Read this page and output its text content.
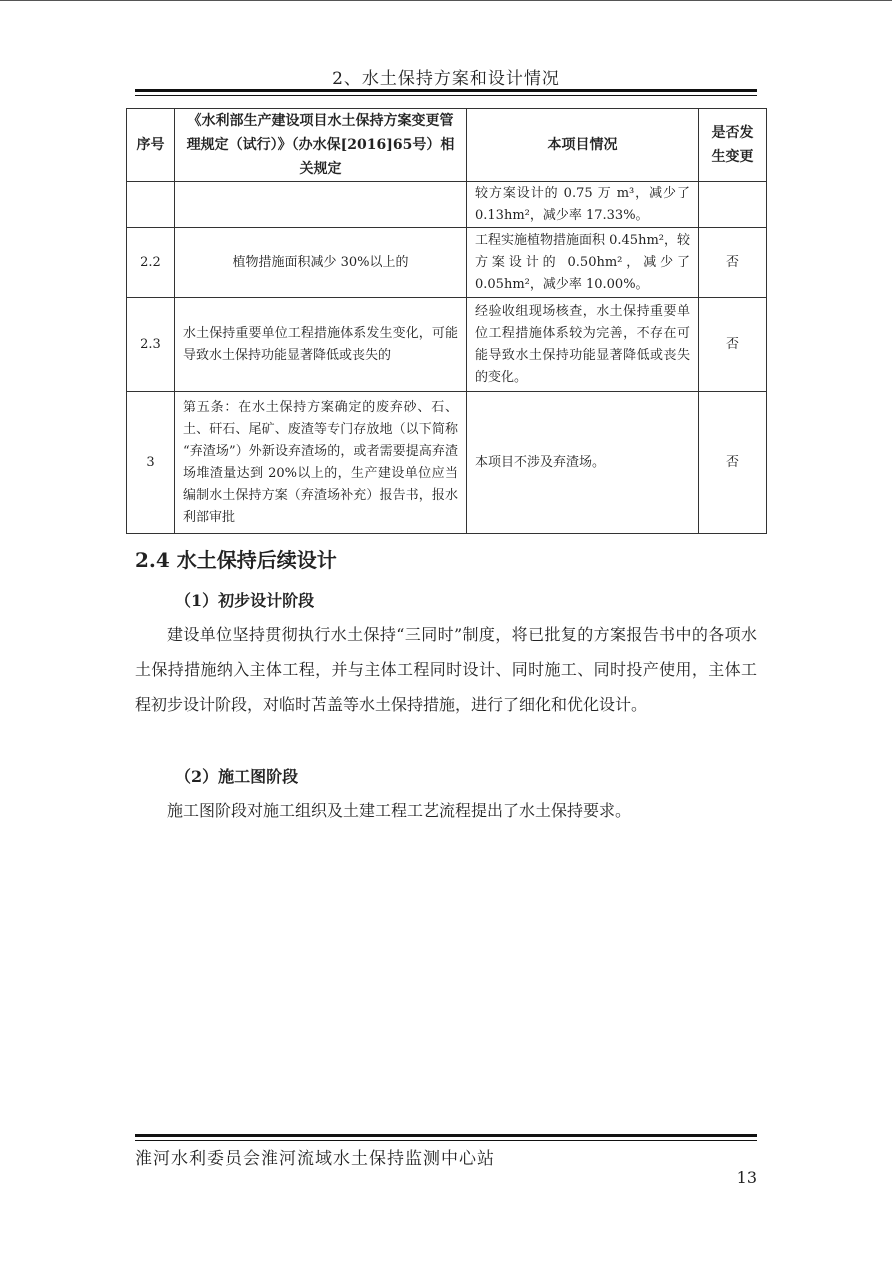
2、水土保持方案和设计情况
序号	《水利部生产建设项目水土保持方案变更管理规定（试行）》（办水保[2016]65号）相关规定	本项目情况	是否发生变更
		较方案设计的 0.75 万 m³，减少了 0.13hm²，减少率 17.33%。	
2.2	植物措施面积减少 30%以上的	工程实施植物措施面积 0.45hm²，较方案设计的 0.50hm²，减少了 0.05hm²，减少率 10.00%。	否
2.3	水土保持重要单位工程措施体系发生变化，可能导致水土保持功能显著降低或丧失的	经验收组现场核查，水土保持重要单位工程措施体系较为完善，不存在可能导致水土保持功能显著降低或丧失的变化。	否
3	第五条：在水土保持方案确定的废弃砂、石、土、矸石、尾矿、废渣等专门存放地（以下简称 “弃渣场”）外新设弃渣场的，或者需要提高弃渣场堆渣量达到 20%以上的，生产建设单位应当编制水土保持方案（弃渣场补充）报告书，报水利部审批	本项目不涉及弃渣场。	否
2.4 水土保持后续设计
（1）初步设计阶段

建设单位坚持贯彻执行水土保持“三同时”制度，将已批复的方案报告书中的各项水土保持措施纳入主体工程，并与主体工程同时设计、同时施工、同时投产使用，主体工程初步设计阶段，对临时苫盖等水土保持措施，进行了细化和优化设计。

（2）施工图阶段

施工图阶段对施工组织及土建工程工艺流程提出了水土保持要求。

淮河水利委员会淮河流域水土保持监测中心站
13
